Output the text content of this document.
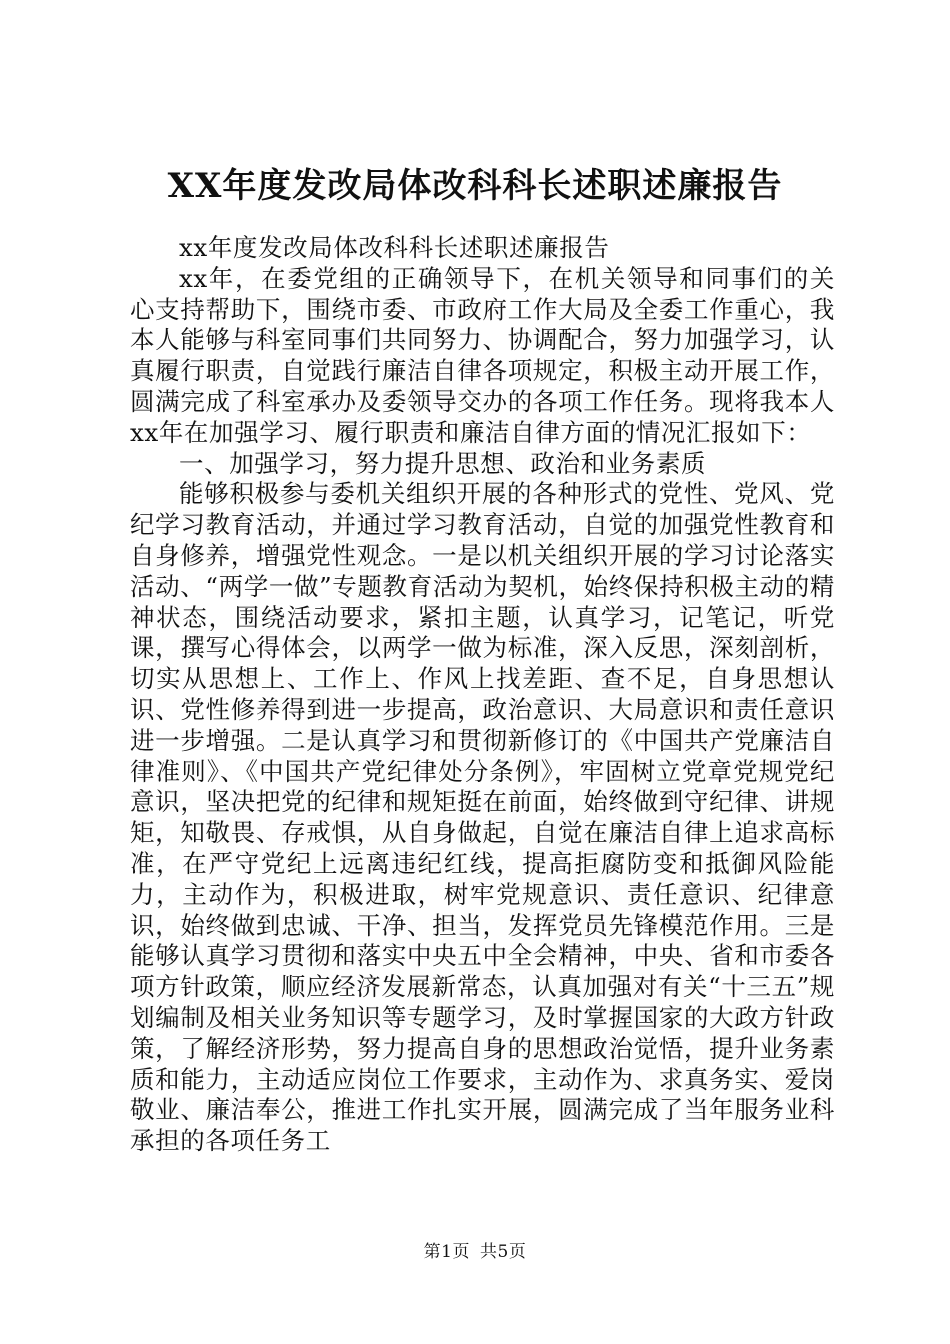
XX年度发改局体改科科长述职述廉报告

xx年度发改局体改科科长述职述廉报告

xx年，在委党组的正确领导下，在机关领导和同事们的关心支持帮助下，围绕市委、市政府工作大局及全委工作重心，我本人能够与科室同事们共同努力、协调配合，努力加强学习，认真履行职责，自觉践行廉洁自律各项规定，积极主动开展工作，圆满完成了科室承办及委领导交办的各项工作任务。现将我本人xx年在加强学习、履行职责和廉洁自律方面的情况汇报如下：

一、加强学习，努力提升思想、政治和业务素质

能够积极参与委机关组织开展的各种形式的党性、党风、党纪学习教育活动，并通过学习教育活动，自觉的加强党性教育和自身修养，增强党性观念。一是以机关组织开展的学习讨论落实活动、“两学一做”专题教育活动为契机，始终保持积极主动的精神状态，围绕活动要求，紧扣主题，认真学习，记笔记，听党课，撰写心得体会，以两学一做为标准，深入反思，深刻剖析，切实从思想上、工作上、作风上找差距、查不足，自身思想认识、党性修养得到进一步提高，政治意识、大局意识和责任意识进一步增强。二是认真学习和贯彻新修订的《中国共产党廉洁自律准则》、《中国共产党纪律处分条例》，牢固树立党章党规党纪意识，坚决把党的纪律和规矩挺在前面，始终做到守纪律、讲规矩，知敬畏、存戒惧，从自身做起，自觉在廉洁自律上追求高标准，在严守党纪上远离违纪红线，提高拒腐防变和抵御风险能力，主动作为，积极进取，树牢党规意识、责任意识、纪律意识，始终做到忠诚、干净、担当，发挥党员先锋模范作用。三是能够认真学习贯彻和落实中央五中全会精神，中央、省和市委各项方针政策，顺应经济发展新常态，认真加强对有关“十三五”规划编制及相关业务知识等专题学习，及时掌握国家的大政方针政策，了解经济形势，努力提高自身的思想政治觉悟，提升业务素质和能力，主动适应岗位工作要求，主动作为、求真务实、爱岗敬业、廉洁奉公，推进工作扎实开展，圆满完成了当年服务业科承担的各项任务工

第1页 共5页
